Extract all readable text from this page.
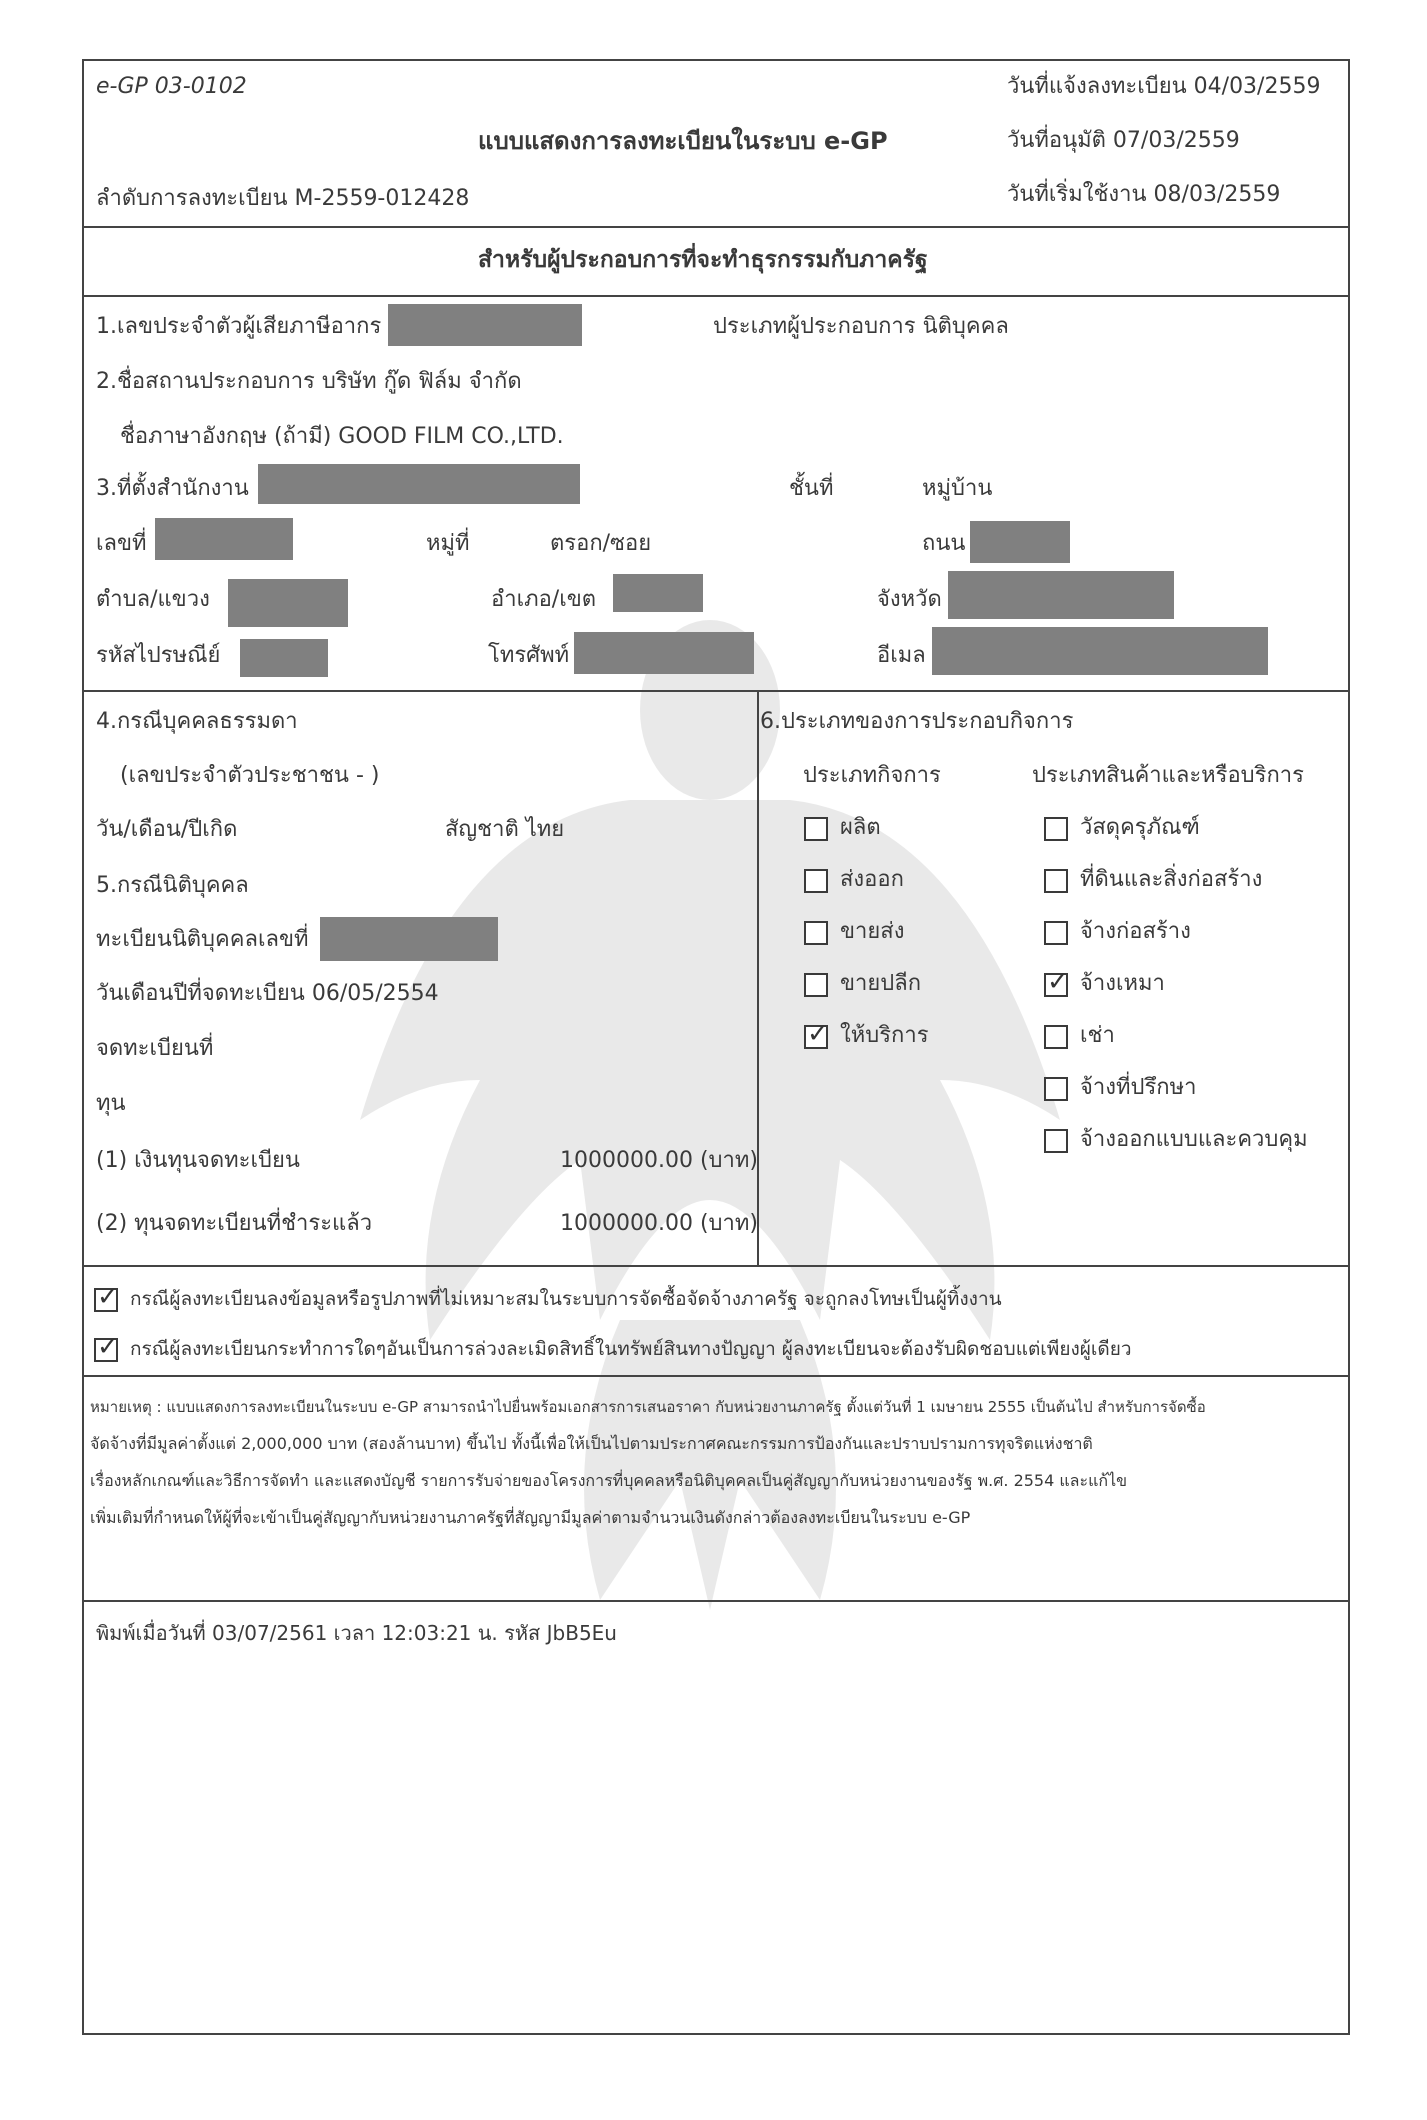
e-GP 03-0102
แบบแสดงการลงทะเบียนในระบบ e-GP
วันที่แจ้งลงทะเบียน 04/03/2559
วันที่อนุมัติ 07/03/2559
วันที่เริ่มใช้งาน 08/03/2559
ลำดับการลงทะเบียน M-2559-012428
สำหรับผู้ประกอบการที่จะทำธุรกรรมกับภาครัฐ
1.เลขประจำตัวผู้เสียภาษีอากร	ประเภทผู้ประกอบการ นิติบุคคล
2.ชื่อสถานประกอบการ บริษัท กู๊ด ฟิล์ม จำกัด
ชื่อภาษาอังกฤษ (ถ้ามี) GOOD FILM CO.,LTD.
3.ที่ตั้งสำนักงาน	ชั้นที่	หมู่บ้าน
เลขที่	หมู่ที่	ตรอก/ซอย	ถนน
ตำบล/แขวง	อำเภอ/เขต	จังหวัด
รหัสไปรษณีย์	โทรศัพท์	อีเมล
4.กรณีบุคคลธรรมดา
(เลขประจำตัวประชาชน - )
วัน/เดือน/ปีเกิด	สัญชาติ ไทย
5.กรณีนิติบุคคล
ทะเบียนนิติบุคคลเลขที่
วันเดือนปีที่จดทะเบียน 06/05/2554
จดทะเบียนที่
ทุน
(1) เงินทุนจดทะเบียน	1000000.00 (บาท)
(2) ทุนจดทะเบียนที่ชำระแล้ว	1000000.00 (บาท)
6.ประเภทของการประกอบกิจการ
ประเภทกิจการ	ประเภทสินค้าและหรือบริการ
ผลิต
ส่งออก
ขายส่ง
ขายปลีก
✓ ให้บริการ
วัสดุครุภัณฑ์
ที่ดินและสิ่งก่อสร้าง
จ้างก่อสร้าง
✓ จ้างเหมา
เช่า
จ้างที่ปรึกษา
จ้างออกแบบและควบคุม
✓ กรณีผู้ลงทะเบียนลงข้อมูลหรือรูปภาพที่ไม่เหมาะสมในระบบการจัดซื้อจัดจ้างภาครัฐ จะถูกลงโทษเป็นผู้ทิ้งงาน
✓ กรณีผู้ลงทะเบียนกระทำการใดๆอันเป็นการล่วงละเมิดสิทธิ์ในทรัพย์สินทางปัญญา ผู้ลงทะเบียนจะต้องรับผิดชอบแต่เพียงผู้เดียว
หมายเหตุ : แบบแสดงการลงทะเบียนในระบบ e-GP สามารถนำไปยื่นพร้อมเอกสารการเสนอราคา กับหน่วยงานภาครัฐ ตั้งแต่วันที่ 1 เมษายน 2555 เป็นต้นไป สำหรับการจัดซื้อ
จัดจ้างที่มีมูลค่าตั้งแต่ 2,000,000 บาท (สองล้านบาท) ขึ้นไป ทั้งนี้เพื่อให้เป็นไปตามประกาศคณะกรรมการป้องกันและปราบปรามการทุจริตแห่งชาติ
เรื่องหลักเกณฑ์และวิธีการจัดทำ และแสดงบัญชี รายการรับจ่ายของโครงการที่บุคคลหรือนิติบุคคลเป็นคู่สัญญากับหน่วยงานของรัฐ พ.ศ. 2554 และแก้ไข
เพิ่มเติมที่กำหนดให้ผู้ที่จะเข้าเป็นคู่สัญญากับหน่วยงานภาครัฐที่สัญญามีมูลค่าตามจำนวนเงินดังกล่าวต้องลงทะเบียนในระบบ e-GP
พิมพ์เมื่อวันที่ 03/07/2561 เวลา 12:03:21 น. รหัส JbB5Eu
